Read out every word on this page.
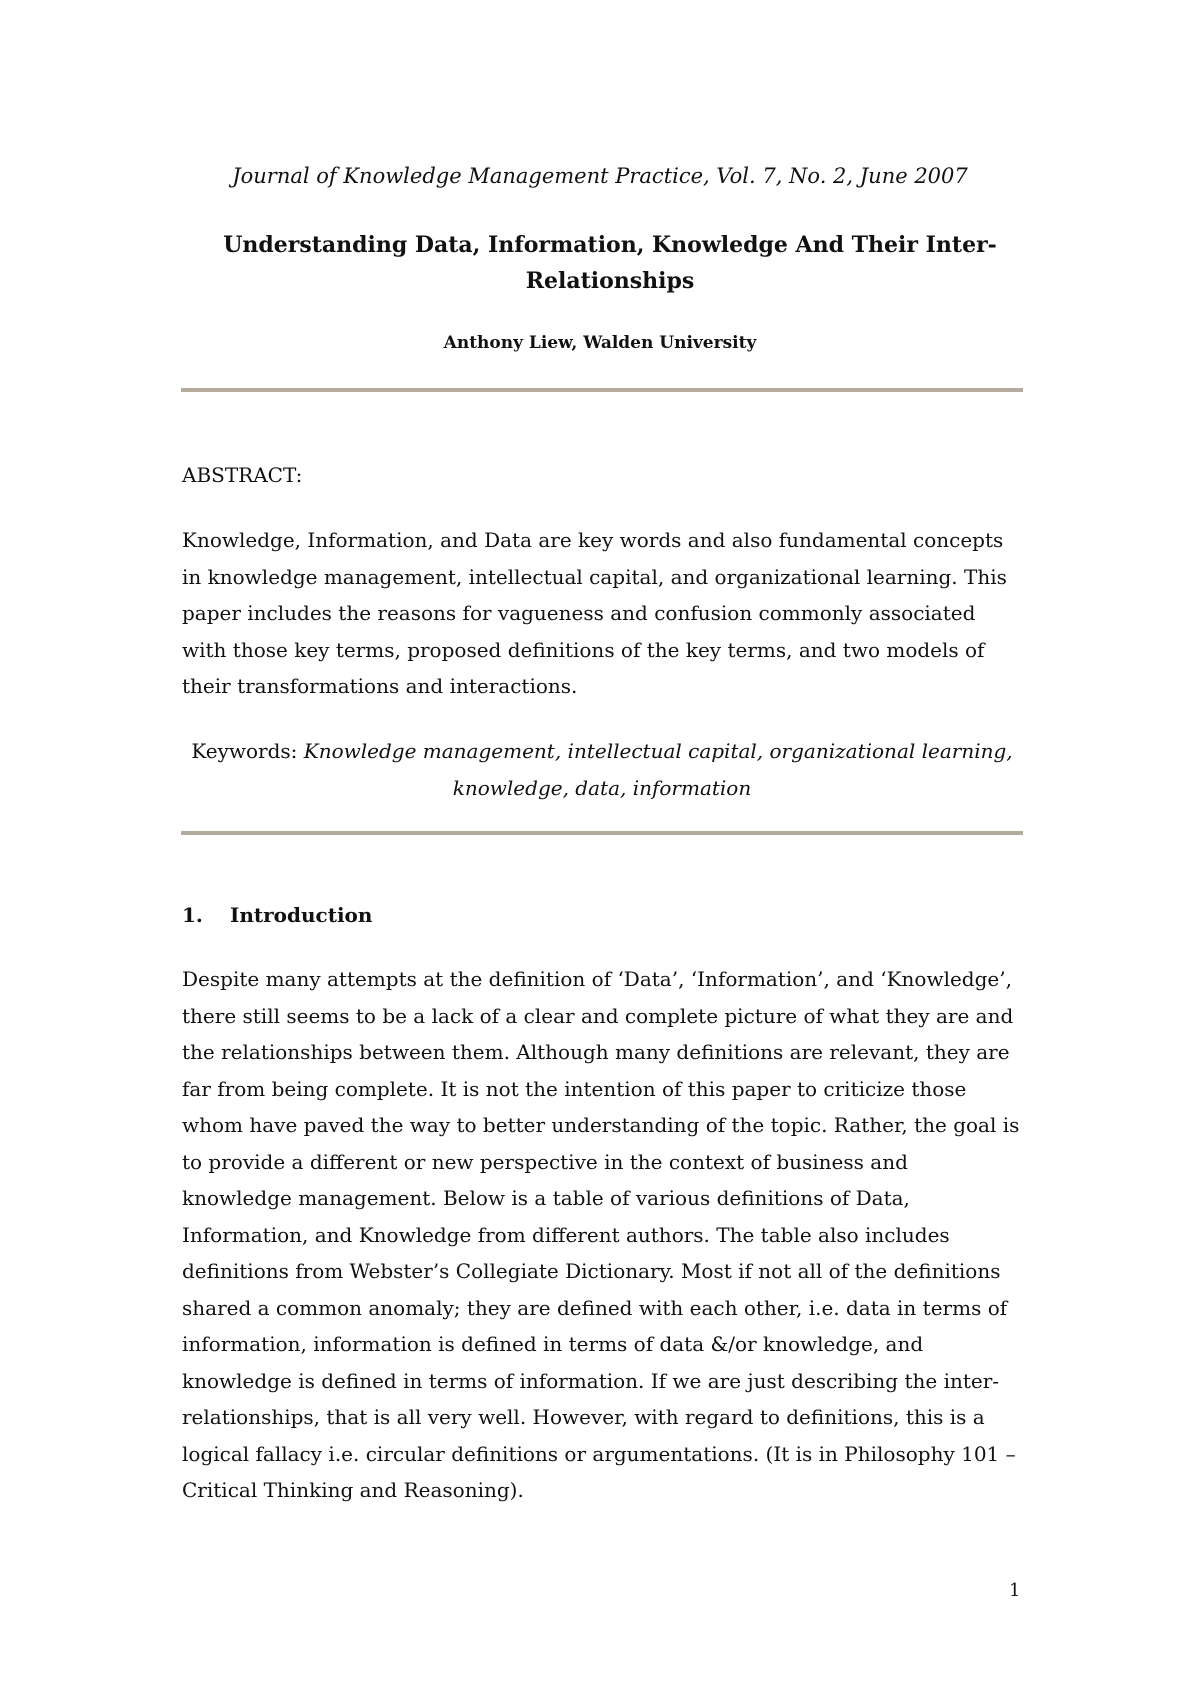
Journal of Knowledge Management Practice, Vol. 7, No. 2, June 2007
Understanding Data, Information, Knowledge And Their Inter-Relationships
Anthony Liew, Walden University
ABSTRACT:

Knowledge, Information, and Data are key words and also fundamental concepts in knowledge management, intellectual capital, and organizational learning. This paper includes the reasons for vagueness and confusion commonly associated with those key terms, proposed definitions of the key terms, and two models of their transformations and interactions.

Keywords: Knowledge management, intellectual capital, organizational learning, knowledge, data, information

1. Introduction

Despite many attempts at the definition of ‘Data’, ‘Information’, and ‘Knowledge’, there still seems to be a lack of a clear and complete picture of what they are and the relationships between them. Although many definitions are relevant, they are far from being complete. It is not the intention of this paper to criticize those whom have paved the way to better understanding of the topic. Rather, the goal is to provide a different or new perspective in the context of business and knowledge management. Below is a table of various definitions of Data, Information, and Knowledge from different authors. The table also includes definitions from Webster’s Collegiate Dictionary. Most if not all of the definitions shared a common anomaly; they are defined with each other, i.e. data in terms of information, information is defined in terms of data &/or knowledge, and knowledge is defined in terms of information. If we are just describing the inter-relationships, that is all very well. However, with regard to definitions, this is a logical fallacy i.e. circular definitions or argumentations. (It is in Philosophy 101 – Critical Thinking and Reasoning).

1
